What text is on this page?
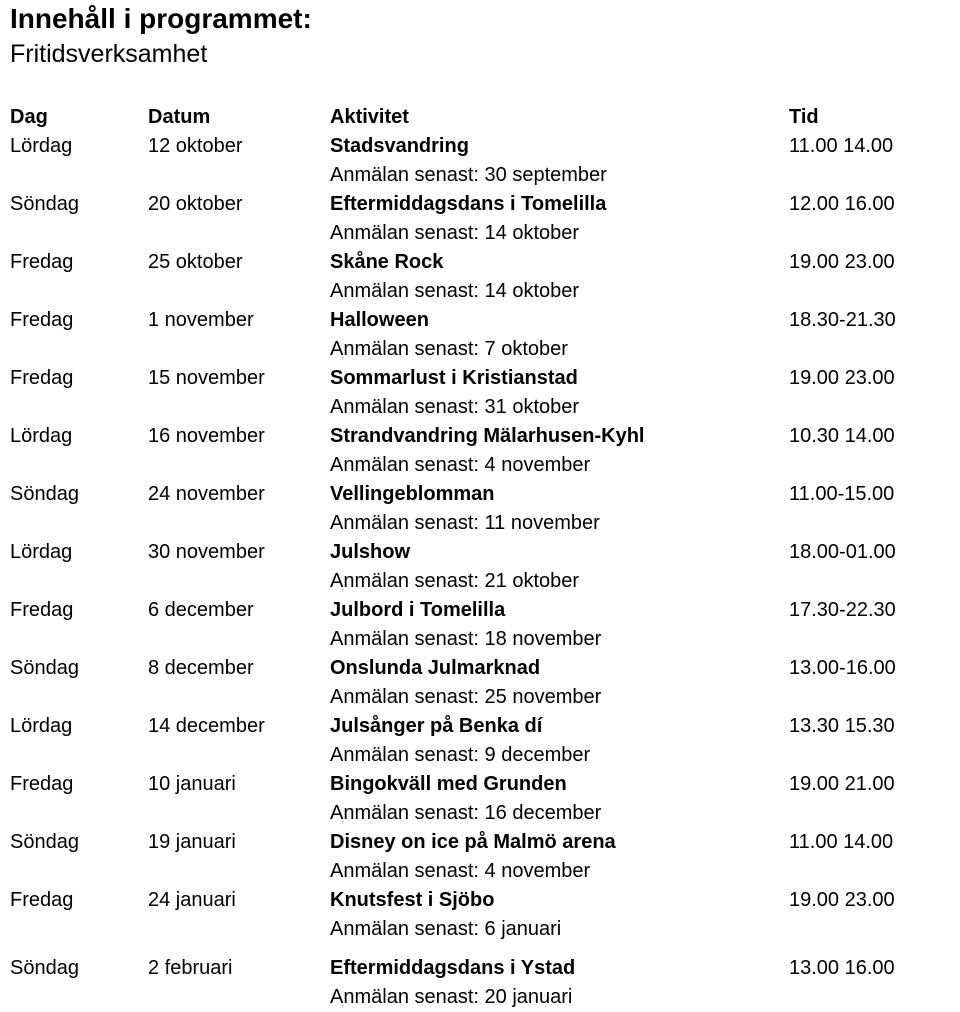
Innehåll i programmet:
Fritidsverksamhet
Dag	Datum	Aktivitet	Tid
Lördag	12 oktober	Stadsvandring	11.00 14.00
Anmälan senast: 30 september
Söndag	20 oktober	Eftermiddagsdans i Tomelilla	12.00 16.00
Anmälan senast: 14 oktober
Fredag	25 oktober	Skåne Rock	19.00 23.00
Anmälan senast: 14 oktober
Fredag	1 november	Halloween	18.30-21.30
Anmälan senast: 7 oktober
Fredag	15 november	Sommarlust i Kristianstad	19.00 23.00
Anmälan senast: 31 oktober
Lördag	16 november	Strandvandring Mälarhusen-Kyhl	10.30 14.00
Anmälan senast: 4 november
Söndag	24 november	Vellingeblomman	11.00-15.00
Anmälan senast: 11 november
Lördag	30 november	Julshow	18.00-01.00
Anmälan senast: 21 oktober
Fredag	6 december	Julbord i Tomelilla	17.30-22.30
Anmälan senast: 18 november
Söndag	8 december	Onslunda Julmarknad	13.00-16.00
Anmälan senast: 25 november
Lördag	14 december	Julsånger på Benka dí	13.30 15.30
Anmälan senast: 9 december
Fredag	10 januari	Bingokväll med Grunden	19.00 21.00
Anmälan senast: 16 december
Söndag	19 januari	Disney on ice på Malmö arena	11.00 14.00
Anmälan senast: 4 november
Fredag	24 januari	Knutsfest i Sjöbo	19.00 23.00
Anmälan senast: 6 januari
Söndag	2 februari	Eftermiddagsdans i Ystad	13.00 16.00
Anmälan senast: 20 januari
